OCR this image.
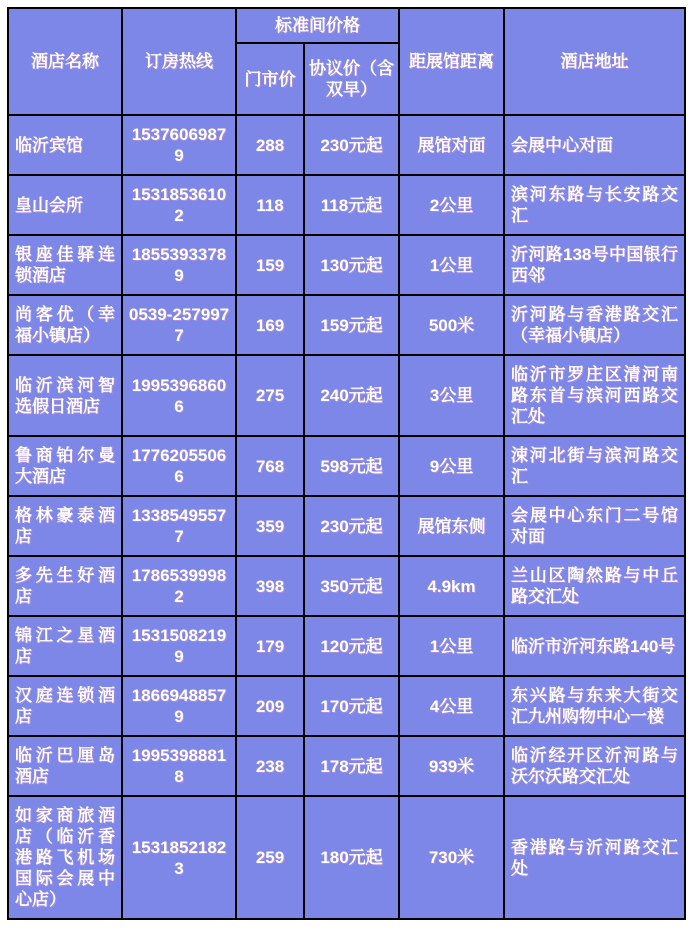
酒店名称	订房热线	标准间价格		距展馆距离	酒店地址
		门市价	协议价（含双早）		
临沂宾馆	15376069879	288	230元起	展馆对面	会展中心对面
皇山会所	15318536102	118	118元起	2公里	滨河东路与长安路交汇
银座佳驿连锁酒店	18553933789	159	130元起	1公里	沂河路138号中国银行西邻
尚客优（幸福小镇店）	0539-2579977	169	159元起	500米	沂河路与香港路交汇（幸福小镇店）
临沂滨河智选假日酒店	19953968606	275	240元起	3公里	临沂市罗庄区清河南路东首与滨河西路交汇处
鲁商铂尔曼大酒店	17762055066	768	598元起	9公里	涑河北街与滨河路交汇
格林豪泰酒店	13385495577	359	230元起	展馆东侧	会展中心东门二号馆对面
多先生好酒店	17865399982	398	350元起	4.9km	兰山区陶然路与中丘路交汇处
锦江之星酒店	15315082199	179	120元起	1公里	临沂市沂河东路140号
汉庭连锁酒店	18669488579	209	170元起	4公里	东兴路与东来大街交汇九州购物中心一楼
临沂巴厘岛酒店	19953988818	238	178元起	939米	临沂经开区沂河路与沃尔沃路交汇处
如家商旅酒店（临沂香港路飞机场国际会展中心店）	15318521823	259	180元起	730米	香港路与沂河路交汇处
